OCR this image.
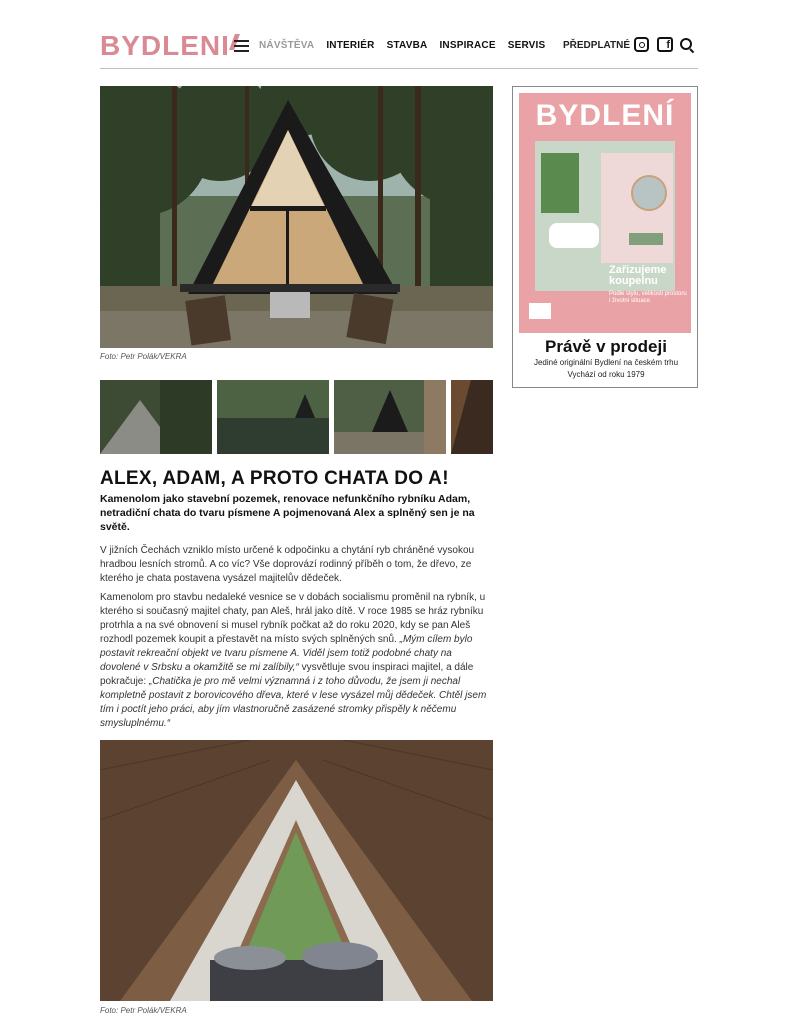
BYDLENI	NÁVŠTĚVA INTERIÉR STAVBA INSPIRACE SERVIS PŘEDPLATNÉ	f
Foto: Petr Polák/VEKRA
ALEX, ADAM, A PROTO CHATA DO A!
Kamenolom jako stavební pozemek, renovace nefunkčního rybníku Adam, netradiční chata do tvaru písmene A pojmenovaná Alex a splněný sen je na světě.
V jižních Čechách vzniklo místo určené k odpočinku a chytání ryb chráněné vysokou hradbou lesních stromů. A co víc? Vše doprovází rodinný příběh o tom, že dřevo, ze kterého je chata postavena vysázel majitelův dědeček.
Kamenolom pro stavbu nedaleké vesnice se v dobách socialismu proměnil na rybník, u kterého si současný majitel chaty, pan Aleš, hrál jako dítě. V roce 1985 se hráz rybníku protrhla a na své obnovení si musel rybník počkat až do roku 2020, kdy se pan Aleš rozhodl pozemek koupit a přestavět na místo svých splněných snů. „Mým cílem bylo postavit rekreační objekt ve tvaru písmene A. Viděl jsem totiž podobné chaty na dovolené v Srbsku a okamžitě se mi zalíbily,“ vysvětluje svou inspiraci majitel, a dále pokračuje: „Chatička je pro mě velmi významná i z toho důvodu, že jsem ji nechal kompletně postavit z borovicového dřeva, které v lese vysázel můj dědeček. Chtěl jsem tím i poctít jeho práci, aby jím vlastnoručně zasázené stromky přispěly k něčemu smysluplnému.“
Foto: Petr Polák/VEKRA
BYDLENÍ
Zařizujeme koupelnu
Podle stylu, velikosti prostoru i životní situace
Právě v prodeji
Jediné originální Bydlení na českém trhu
Vychází od roku 1979
